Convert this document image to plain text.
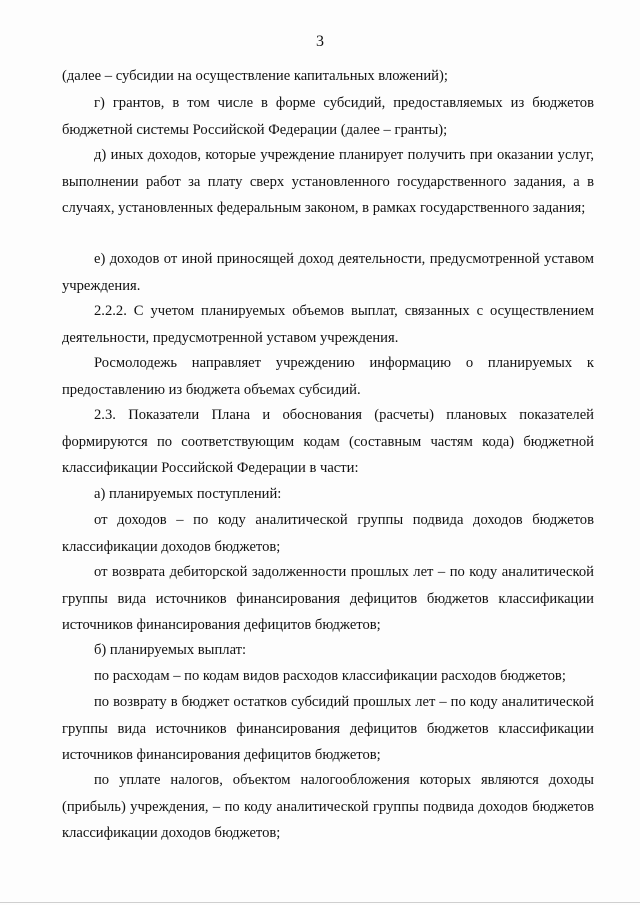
3

(далее – субсидии на осуществление капитальных вложений);

г) грантов, в том числе в форме субсидий, предоставляемых из бюджетов бюджетной системы Российской Федерации (далее – гранты);

д) иных доходов, которые учреждение планирует получить при оказании услуг, выполнении работ за плату сверх установленного государственного задания, а в случаях, установленных федеральным законом, в рамках государственного задания;

е) доходов от иной приносящей доход деятельности, предусмотренной уставом учреждения.

2.2.2. С учетом планируемых объемов выплат, связанных с осуществлением деятельности, предусмотренной уставом учреждения.

Росмолодежь направляет учреждению информацию о планируемых к предоставлению из бюджета объемах субсидий.

2.3. Показатели Плана и обоснования (расчеты) плановых показателей формируются по соответствующим кодам (составным частям кода) бюджетной классификации Российской Федерации в части:

а) планируемых поступлений:

от доходов – по коду аналитической группы подвида доходов бюджетов классификации доходов бюджетов;

от возврата дебиторской задолженности прошлых лет – по коду аналитической группы вида источников финансирования дефицитов бюджетов классификации источников финансирования дефицитов бюджетов;

б) планируемых выплат:

по расходам – по кодам видов расходов классификации расходов бюджетов;

по возврату в бюджет остатков субсидий прошлых лет – по коду аналитической группы вида источников финансирования дефицитов бюджетов классификации источников финансирования дефицитов бюджетов;

по уплате налогов, объектом налогообложения которых являются доходы (прибыль) учреждения, – по коду аналитической группы подвида доходов бюджетов классификации доходов бюджетов;
